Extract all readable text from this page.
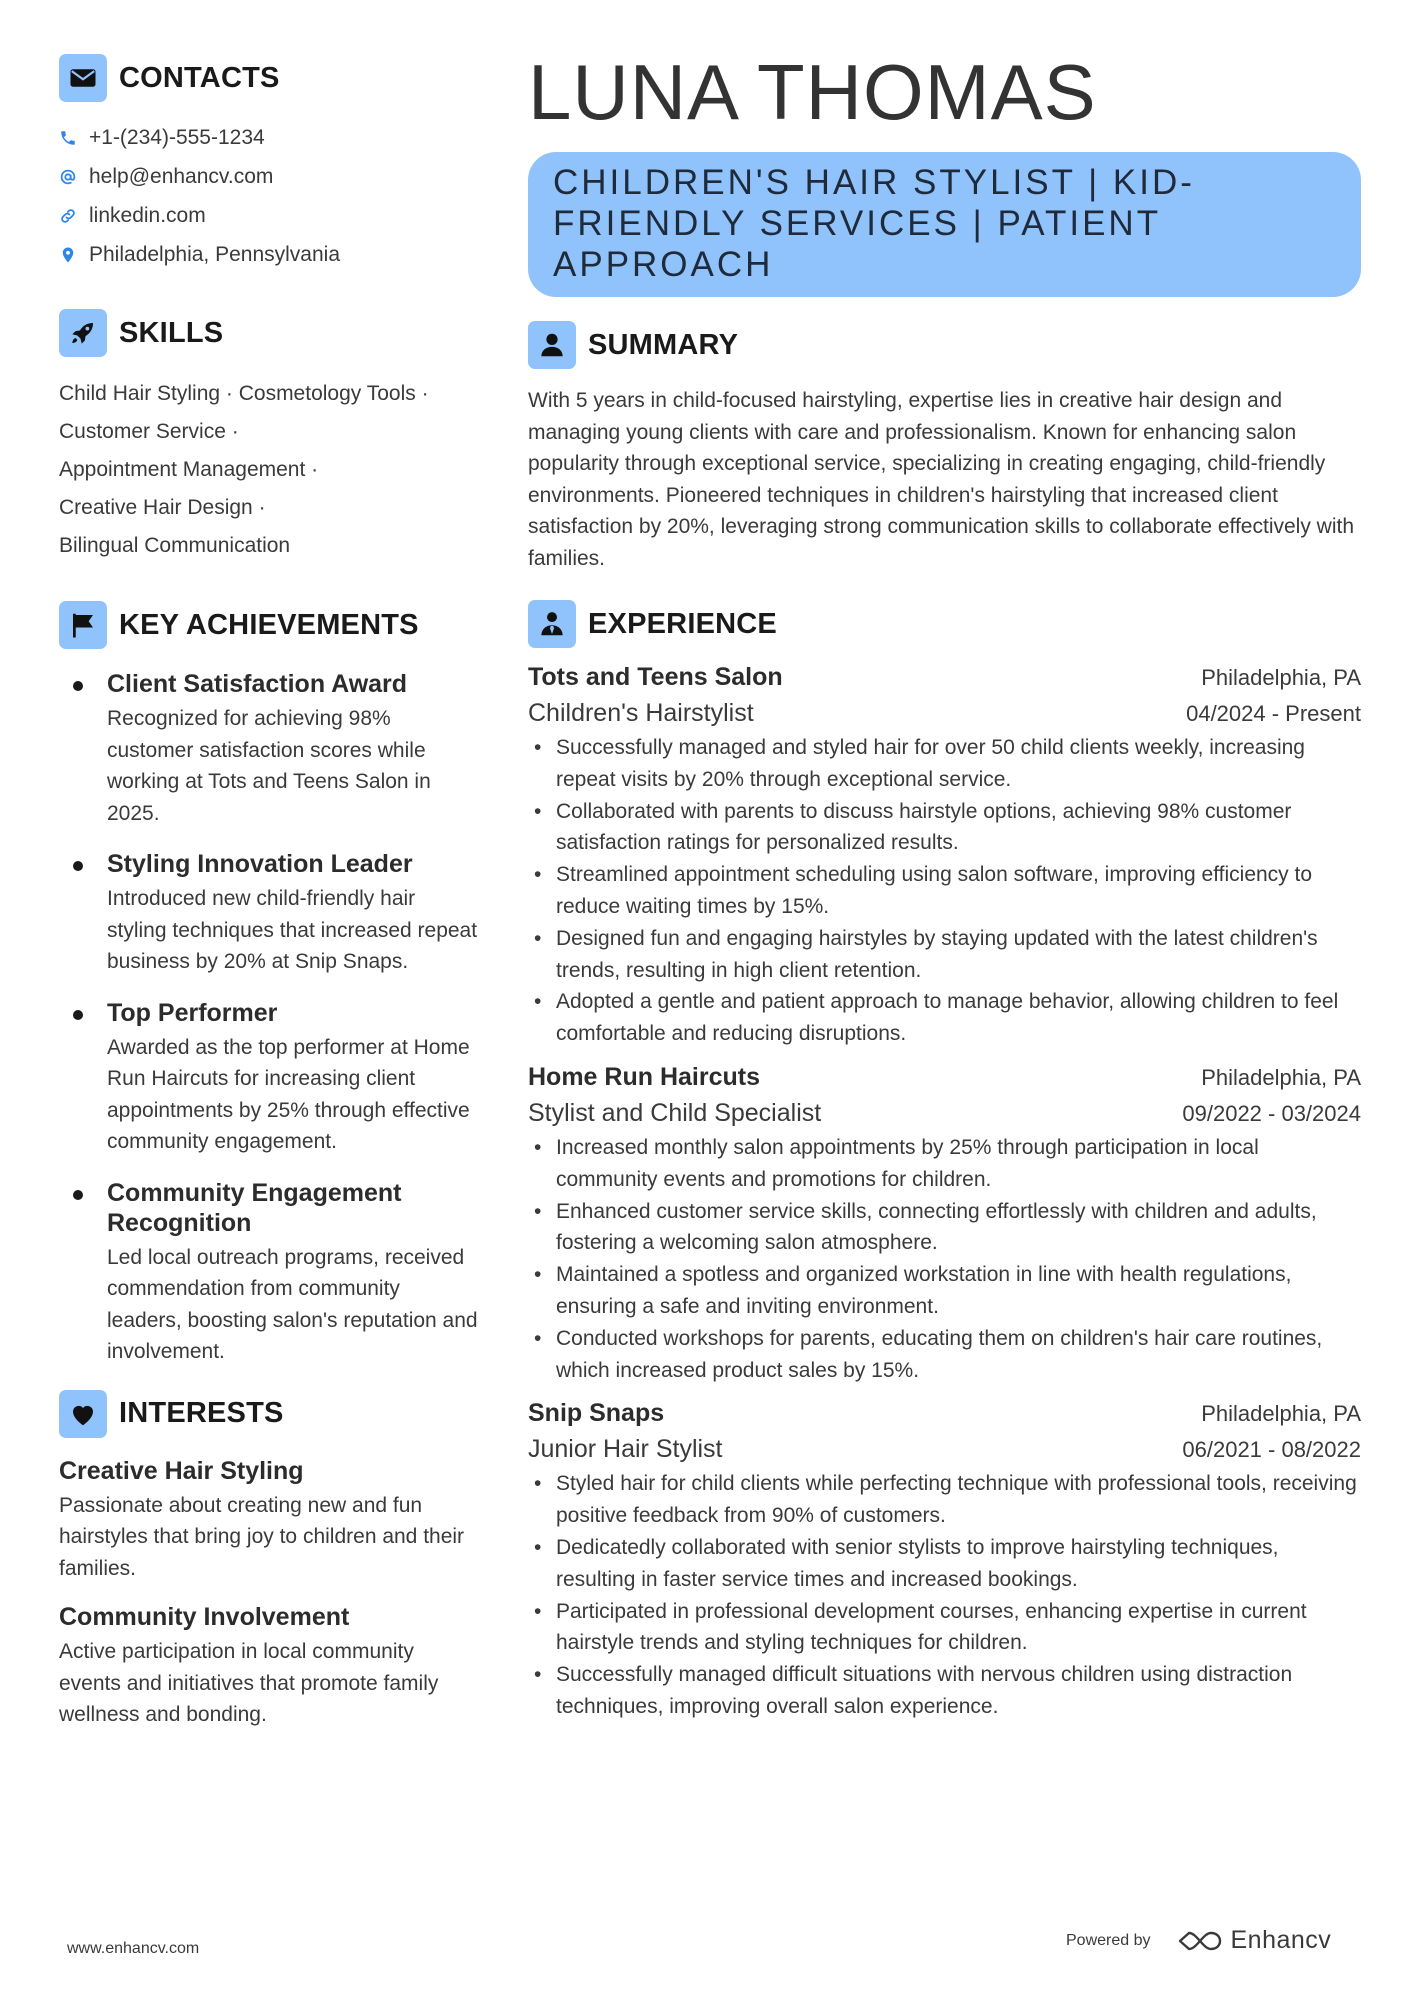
CONTACTS
+1-(234)-555-1234
help@enhancv.com
linkedin.com
Philadelphia, Pennsylvania
SKILLS
Child Hair Styling · Cosmetology Tools ·
Customer Service ·
Appointment Management ·
Creative Hair Design ·
Bilingual Communication
KEY ACHIEVEMENTS
Client Satisfaction Award
Recognized for achieving 98% customer satisfaction scores while working at Tots and Teens Salon in 2025.
Styling Innovation Leader
Introduced new child-friendly hair styling techniques that increased repeat business by 20% at Snip Snaps.
Top Performer
Awarded as the top performer at Home Run Haircuts for increasing client appointments by 25% through effective community engagement.
Community Engagement Recognition
Led local outreach programs, received commendation from community leaders, boosting salon's reputation and involvement.
INTERESTS
Creative Hair Styling
Passionate about creating new and fun hairstyles that bring joy to children and their families.
Community Involvement
Active participation in local community events and initiatives that promote family wellness and bonding.
LUNA THOMAS
CHILDREN'S HAIR STYLIST | KID-
FRIENDLY SERVICES | PATIENT
APPROACH
SUMMARY
With 5 years in child-focused hairstyling, expertise lies in creative hair design and managing young clients with care and professionalism. Known for enhancing salon popularity through exceptional service, specializing in creating engaging, child-friendly environments. Pioneered techniques in children's hairstyling that increased client satisfaction by 20%, leveraging strong communication skills to collaborate effectively with families.
EXPERIENCE
Tots and Teens Salon	Philadelphia, PA
Children's Hairstylist	04/2024 - Present
• Successfully managed and styled hair for over 50 child clients weekly, increasing repeat visits by 20% through exceptional service.
• Collaborated with parents to discuss hairstyle options, achieving 98% customer satisfaction ratings for personalized results.
• Streamlined appointment scheduling using salon software, improving efficiency to reduce waiting times by 15%.
• Designed fun and engaging hairstyles by staying updated with the latest children's trends, resulting in high client retention.
• Adopted a gentle and patient approach to manage behavior, allowing children to feel comfortable and reducing disruptions.
Home Run Haircuts	Philadelphia, PA
Stylist and Child Specialist	09/2022 - 03/2024
• Increased monthly salon appointments by 25% through participation in local community events and promotions for children.
• Enhanced customer service skills, connecting effortlessly with children and adults, fostering a welcoming salon atmosphere.
• Maintained a spotless and organized workstation in line with health regulations, ensuring a safe and inviting environment.
• Conducted workshops for parents, educating them on children's hair care routines, which increased product sales by 15%.
Snip Snaps	Philadelphia, PA
Junior Hair Stylist	06/2021 - 08/2022
• Styled hair for child clients while perfecting technique with professional tools, receiving positive feedback from 90% of customers.
• Dedicatedly collaborated with senior stylists to improve hairstyling techniques, resulting in faster service times and increased bookings.
• Participated in professional development courses, enhancing expertise in current hairstyle trends and styling techniques for children.
• Successfully managed difficult situations with nervous children using distraction techniques, improving overall salon experience.
www.enhancv.com	Powered by	Enhancv
